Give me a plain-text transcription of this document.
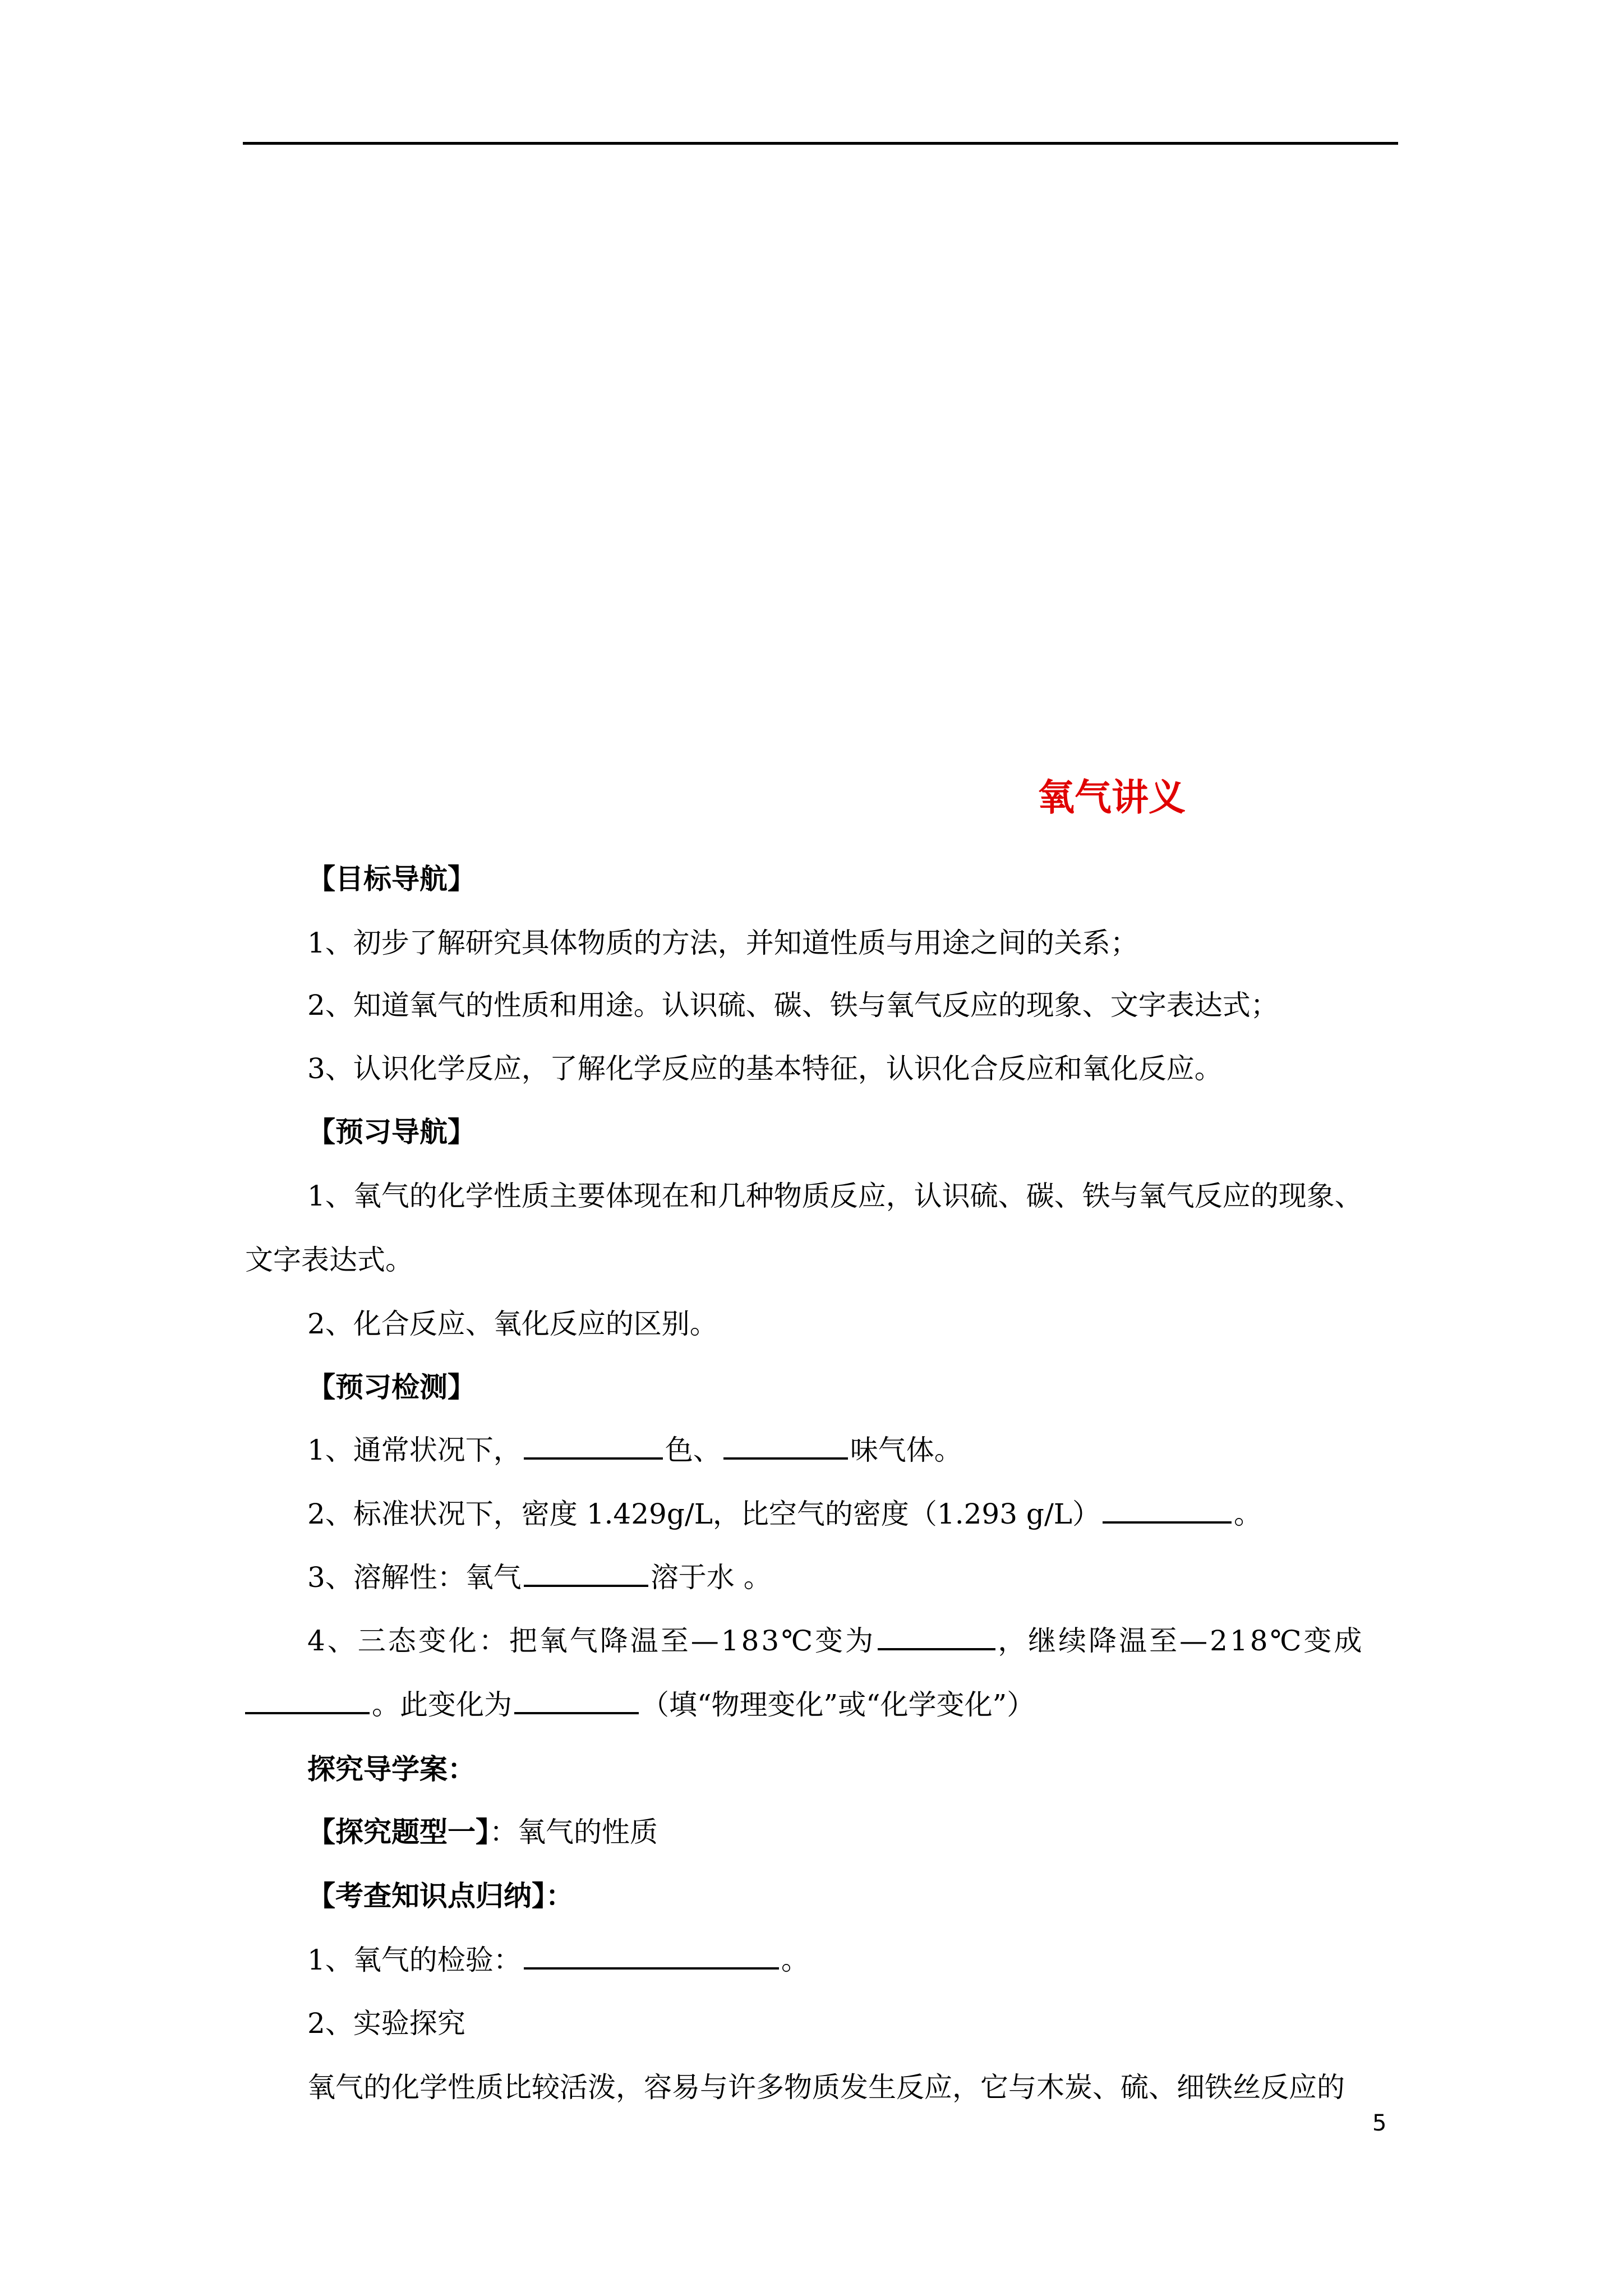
氧气讲义
【目标导航】
1、初步了解研究具体物质的方法，并知道性质与用途之间的关系；
2、知道氧气的性质和用途。认识硫、碳、铁与氧气反应的现象、文字表达式；
3、认识化学反应，了解化学反应的基本特征，认识化合反应和氧化反应。
【预习导航】
1、氧气的化学性质主要体现在和几种物质反应，认识硫、碳、铁与氧气反应的现象、
文字表达式。
2、化合反应、氧化反应的区别。
【预习检测】
1、通常状况下，	色、	味气体。
2、标准状况下，密度 1.429g/L，比空气的密度（1.293 g/L）	。
3、溶解性：氧气	溶于水 。
4、三态变化：把氧气降温至—183℃变为	，继续降温至—218℃变成
。此变化为	（填“物理变化”或“化学变化”）
探究导学案：
【探究题型一】：氧气的性质
【考查知识点归纳】：
1、氧气的检验：	。
2、实验探究
氧气的化学性质比较活泼，容易与许多物质发生反应，它与木炭、硫、细铁丝反应的
5
